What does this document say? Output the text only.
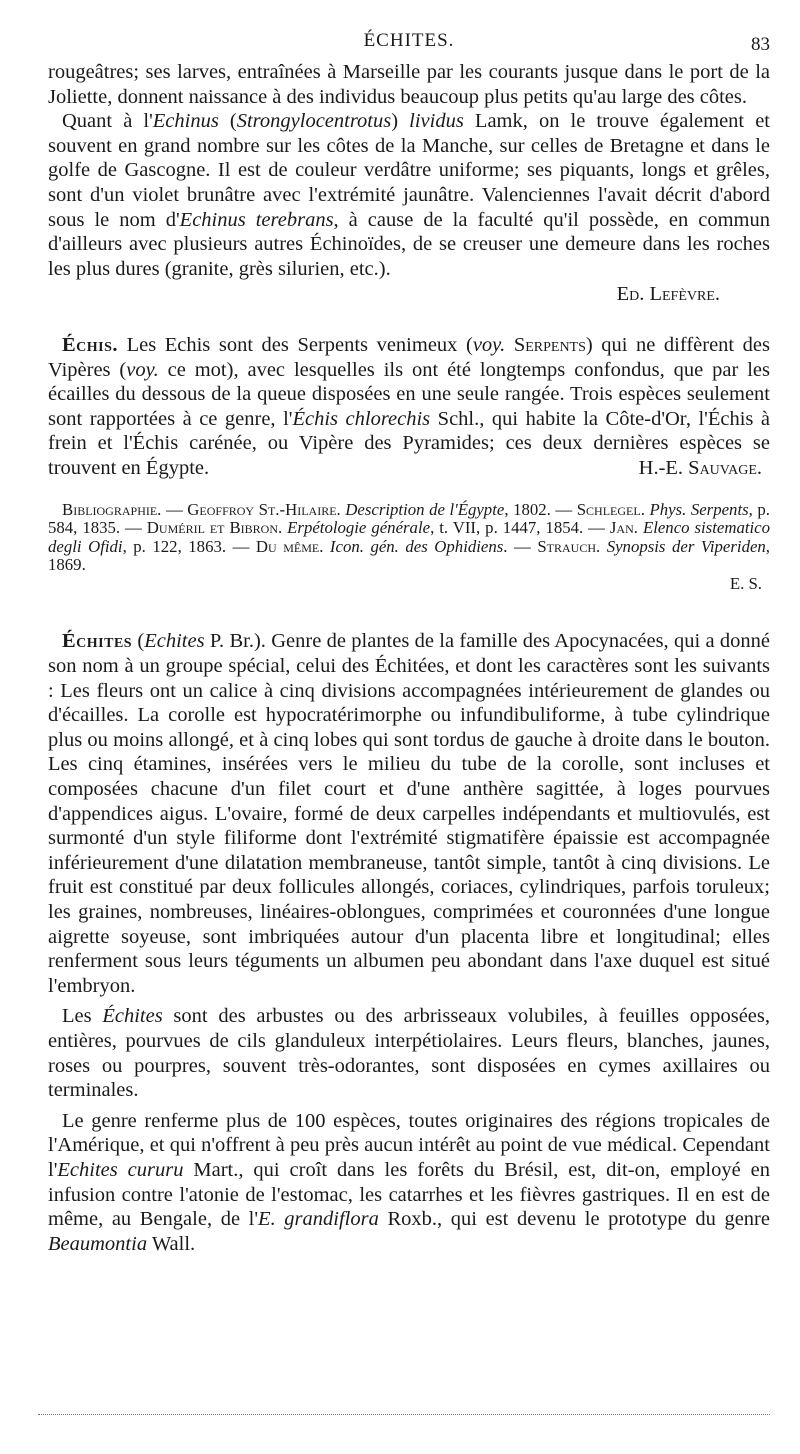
ÉCHITES.	83

rougeâtres; ses larves, entraînées à Marseille par les courants jusque dans le port de la Joliette, donnent naissance à des individus beaucoup plus petits qu'au large des côtes.

Quant à l'Echinus (Strongylocentrotus) lividus Lamk, on le trouve également et souvent en grand nombre sur les côtes de la Manche, sur celles de Bretagne et dans le golfe de Gascogne. Il est de couleur verdâtre uniforme; ses piquants, longs et grêles, sont d'un violet brunâtre avec l'extrémité jaunâtre. Valenciennes l'avait décrit d'abord sous le nom d'Echinus terebrans, à cause de la faculté qu'il possède, en commun d'ailleurs avec plusieurs autres Échinoïdes, de se creuser une demeure dans les roches les plus dures (granite, grès silurien, etc.).

Ed. Lefèvre.

Échis. Les Echis sont des Serpents venimeux (voy. Serpents) qui ne diffèrent des Vipères (voy. ce mot), avec lesquelles ils ont été longtemps confondus, que par les écailles du dessous de la queue disposées en une seule rangée. Trois espèces seulement sont rapportées à ce genre, l'Échis chlorechis Schl., qui habite la Côte-d'Or, l'Échis à frein et l'Échis carénée, ou Vipère des Pyramides; ces deux dernières espèces se trouvent en Égypte.	H.-E. Sauvage.

Bibliographie. — Geoffroy St.-Hilaire. Description de l'Égypte, 1802. — Schlegel. Phys. Serpents, p. 584, 1835. — Duméril et Bibron. Erpétologie générale, t. VII, p. 1447, 1854. — Jan. Elenco sistematico degli Ofidi, p. 122, 1863. — Du même. Icon. gén. des Ophidiens. — Strauch. Synopsis der Viperiden, 1869.

E. S.

Échites (Echites P. Br.). Genre de plantes de la famille des Apocynacées, qui a donné son nom à un groupe spécial, celui des Échitées, et dont les caractères sont les suivants : Les fleurs ont un calice à cinq divisions accompagnées intérieurement de glandes ou d'écailles. La corolle est hypocratérimorphe ou infundibuliforme, à tube cylindrique plus ou moins allongé, et à cinq lobes qui sont tordus de gauche à droite dans le bouton. Les cinq étamines, insérées vers le milieu du tube de la corolle, sont incluses et composées chacune d'un filet court et d'une anthère sagittée, à loges pourvues d'appendices aigus. L'ovaire, formé de deux carpelles indépendants et multiovulés, est surmonté d'un style filiforme dont l'extrémité stigmatifère épaissie est accompagnée inférieurement d'une dilatation membraneuse, tantôt simple, tantôt à cinq divisions. Le fruit est constitué par deux follicules allongés, coriaces, cylindriques, parfois toruleux; les graines, nombreuses, linéaires-oblongues, comprimées et couronnées d'une longue aigrette soyeuse, sont imbriquées autour d'un placenta libre et longitudinal; elles renferment sous leurs téguments un albumen peu abondant dans l'axe duquel est situé l'embryon.

Les Échites sont des arbustes ou des arbrisseaux volubiles, à feuilles opposées, entières, pourvues de cils glanduleux interpétiolaires. Leurs fleurs, blanches, jaunes, roses ou pourpres, souvent très-odorantes, sont disposées en cymes axillaires ou terminales.

Le genre renferme plus de 100 espèces, toutes originaires des régions tropicales de l'Amérique, et qui n'offrent à peu près aucun intérêt au point de vue médical. Cependant l'Echites cururu Mart., qui croît dans les forêts du Brésil, est, dit-on, employé en infusion contre l'atonie de l'estomac, les catarrhes et les fièvres gastriques. Il en est de même, au Bengale, de l'E. grandiflora Roxb., qui est devenu le prototype du genre Beaumontia Wall.
